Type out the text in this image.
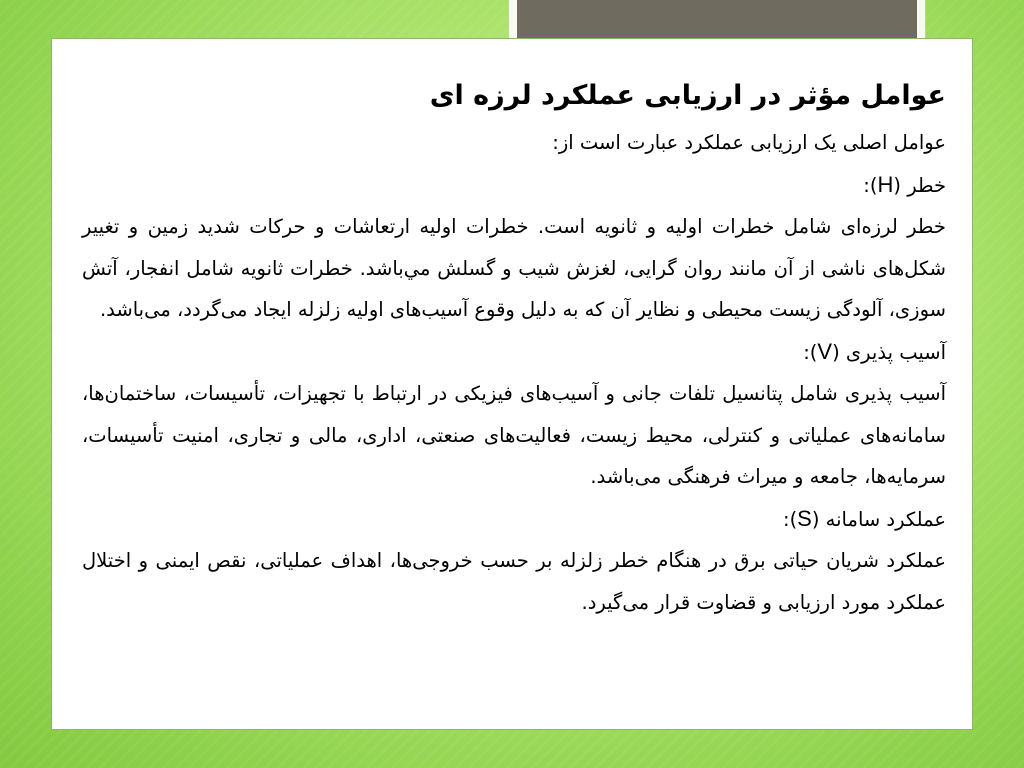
عوامل مؤثر در ارزیابی عملکرد لرزه ای

عوامل اصلی یک ارزیابی عملکرد عبارت است از:

خطر (H):

خطر لرزه‌ای شامل خطرات اولیه و ثانویه است. خطرات اولیه ارتعاشات و حرکات شدید زمین و تغییر شکل‌های ناشی از آن مانند روان گرایی، لغزش شیب و گسلش مي‌باشد. خطرات ثانویه شامل انفجار، آتش سوزی، آلودگی زیست محیطی و نظایر آن که به دلیل وقوع آسیب‌های اولیه زلزله ایجاد می‌گردد، می‌باشد.

آسیب پذیری (V):

آسیب پذیری شامل پتانسیل تلفات جانی و آسیب‌های فیزیکی در ارتباط با تجهیزات، تأسیسات، ساختمان‌ها، سامانه‌های عملیاتی و کنترلی، محیط زیست، فعالیت‌های صنعتی، اداری، مالی و تجاری، امنیت تأسیسات، سرمایه‌ها، جامعه و میراث فرهنگی می‌باشد.

عملکرد سامانه (S):

عملکرد شریان حیاتی برق در هنگام خطر زلزله بر حسب خروجی‌ها، اهداف عملیاتی، نقص ایمنی و اختلال عملکرد مورد ارزیابی و قضاوت قرار می‌گیرد.
